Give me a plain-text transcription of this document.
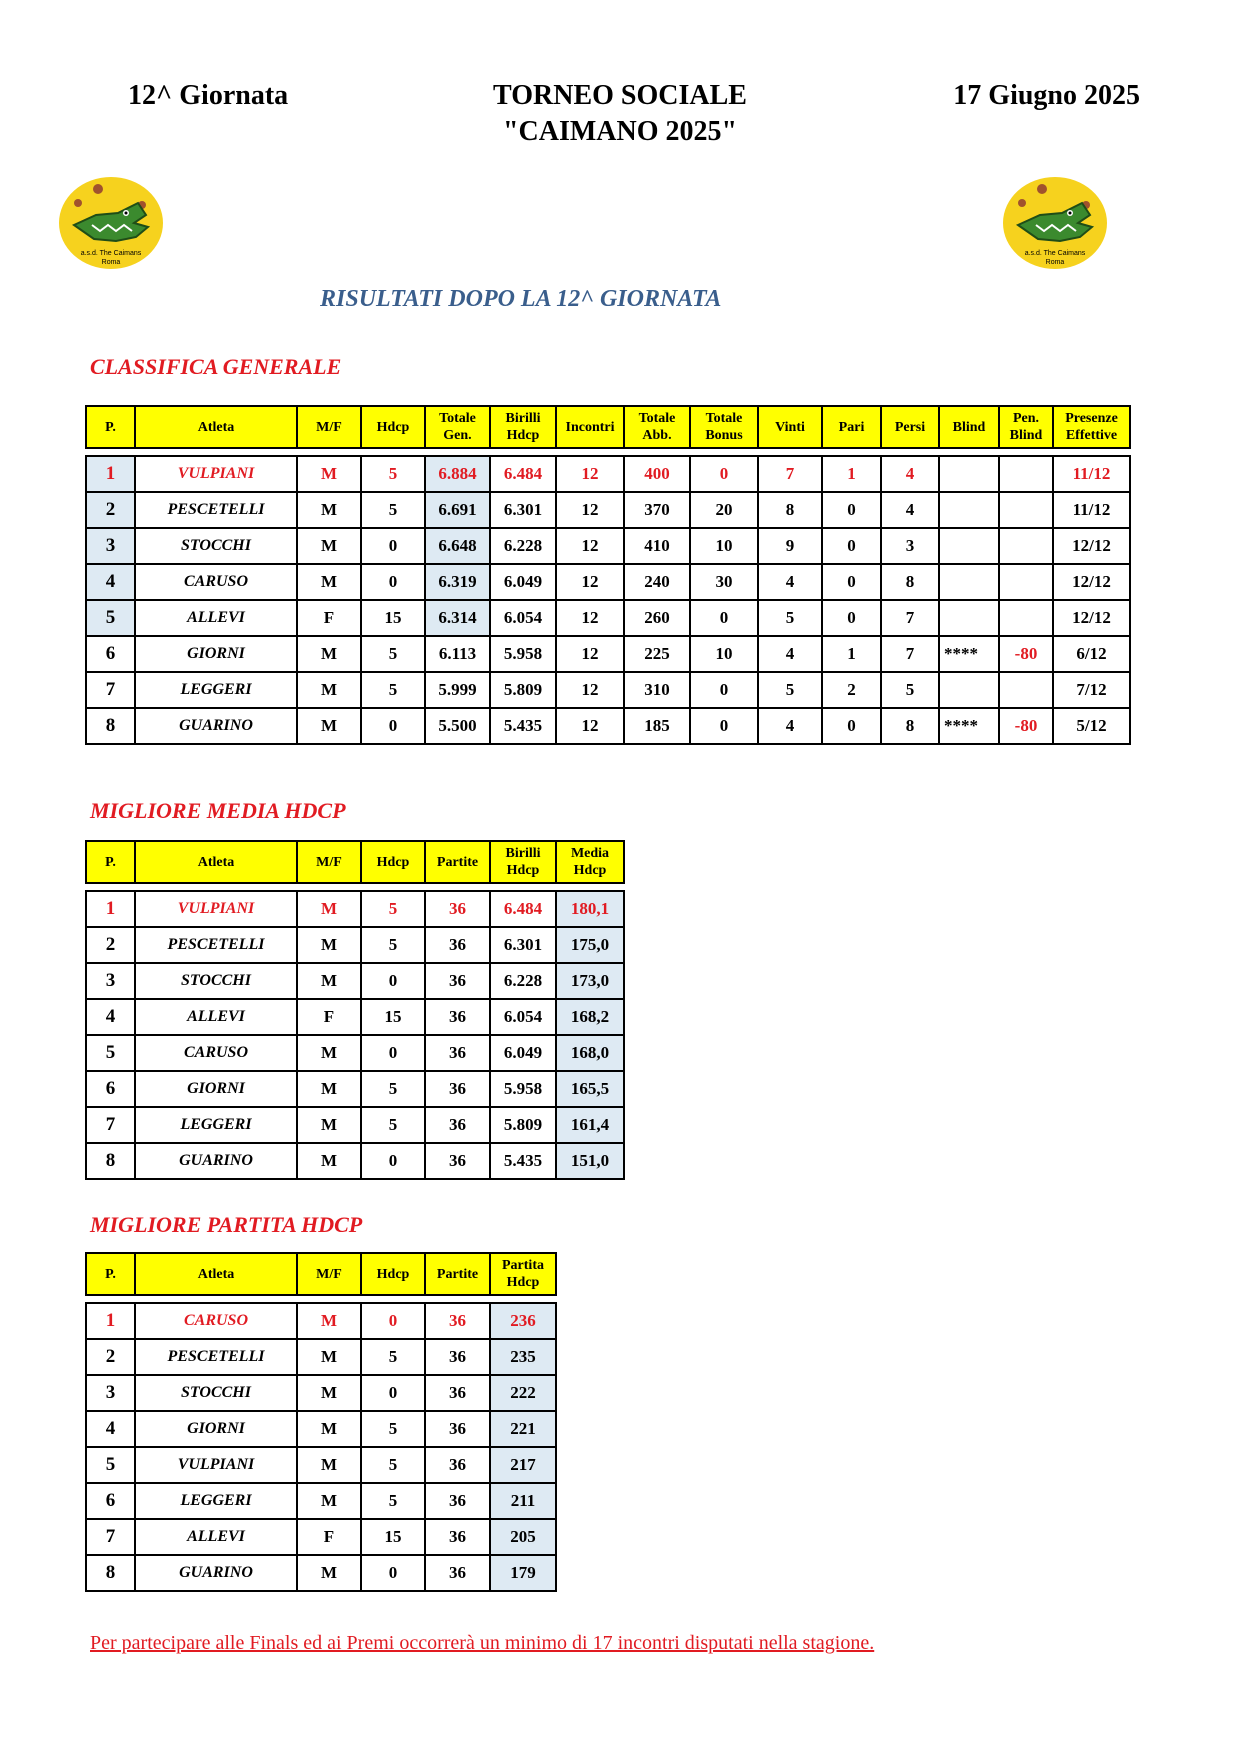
12^ Giornata	TORNEO SOCIALE
"CAIMANO 2025"
17 Giugno 2025
a.s.d. The Caimans
Roma
a.s.d. The Caimans
Roma
RISULTATI DOPO LA 12^ GIORNATA
CLASSIFICA GENERALE
P.	Atleta	M/F	Hdcp	Totale Gen.	Birilli Hdcp	Incontri	Totale Abb.	Totale Bonus	Vinti	Pari	Persi	Blind	Pen. Blind	Presenze Effettive

1	VULPIANI	M	5	6.884	6.484	12	400	0	7	1	4			11/12
2	PESCETELLI	M	5	6.691	6.301	12	370	20	8	0	4			11/12
3	STOCCHI	M	0	6.648	6.228	12	410	10	9	0	3			12/12
4	CARUSO	M	0	6.319	6.049	12	240	30	4	0	8			12/12
5	ALLEVI	F	15	6.314	6.054	12	260	0	5	0	7			12/12
6	GIORNI	M	5	6.113	5.958	12	225	10	4	1	7	****	-80	6/12
7	LEGGERI	M	5	5.999	5.809	12	310	0	5	2	5			7/12
8	GUARINO	M	0	5.500	5.435	12	185	0	4	0	8	****	-80	5/12
MIGLIORE MEDIA HDCP
P.	Atleta	M/F	Hdcp	Partite	Birilli Hdcp	Media Hdcp

1	VULPIANI	M	5	36	6.484	180,1
2	PESCETELLI	M	5	36	6.301	175,0
3	STOCCHI	M	0	36	6.228	173,0
4	ALLEVI	F	15	36	6.054	168,2
5	CARUSO	M	0	36	6.049	168,0
6	GIORNI	M	5	36	5.958	165,5
7	LEGGERI	M	5	36	5.809	161,4
8	GUARINO	M	0	36	5.435	151,0
MIGLIORE PARTITA HDCP
P.	Atleta	M/F	Hdcp	Partite	Partita Hdcp

1	CARUSO	M	0	36	236
2	PESCETELLI	M	5	36	235
3	STOCCHI	M	0	36	222
4	GIORNI	M	5	36	221
5	VULPIANI	M	5	36	217
6	LEGGERI	M	5	36	211
7	ALLEVI	F	15	36	205
8	GUARINO	M	0	36	179
Per partecipare alle Finals ed ai Premi occorrerà un minimo di 17 incontri disputati nella stagione.
